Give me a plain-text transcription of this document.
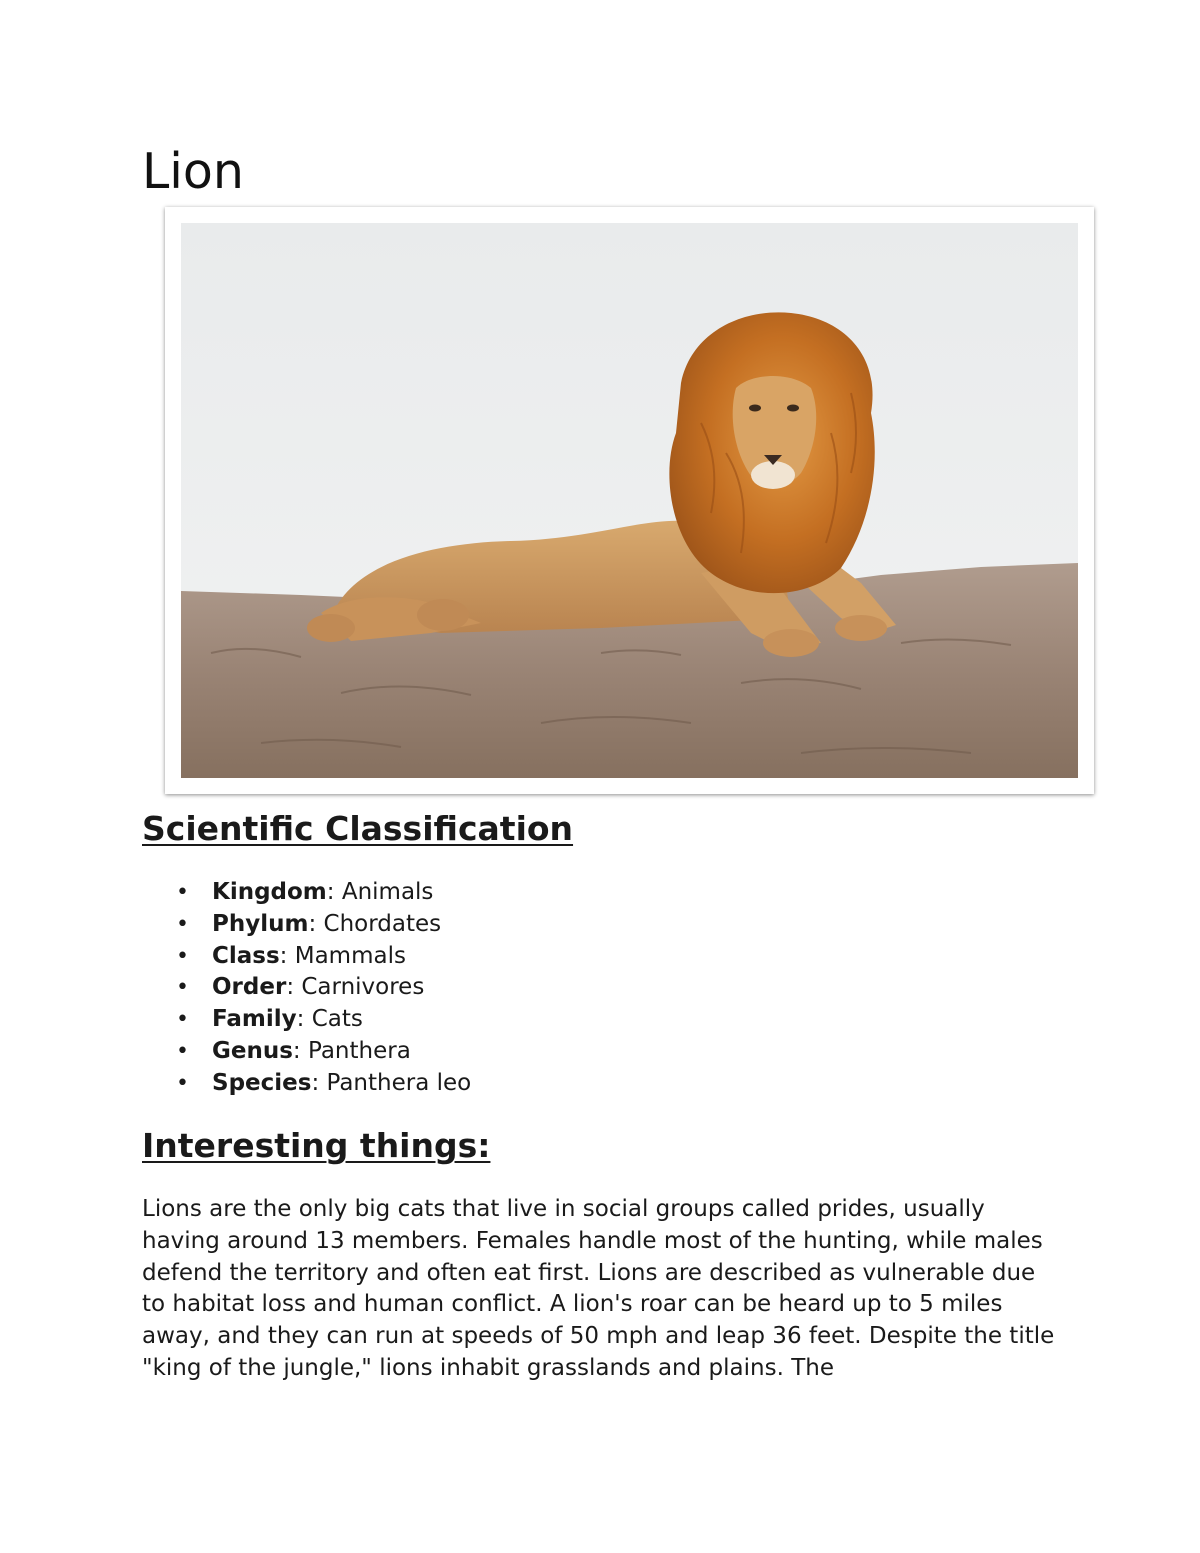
Lion
Scientific Classification
• Kingdom: Animals
• Phylum: Chordates
• Class: Mammals
• Order: Carnivores
• Family: Cats
• Genus: Panthera
• Species: Panthera leo
Interesting things:

Lions are the only big cats that live in social groups called prides, usually having around 13 members. Females handle most of the hunting, while males defend the territory and often eat first. Lions are described as vulnerable due to habitat loss and human conflict. A lion's roar can be heard up to 5 miles away, and they can run at speeds of 50 mph and leap 36 feet. Despite the title "king of the jungle," lions inhabit grasslands and plains. The
